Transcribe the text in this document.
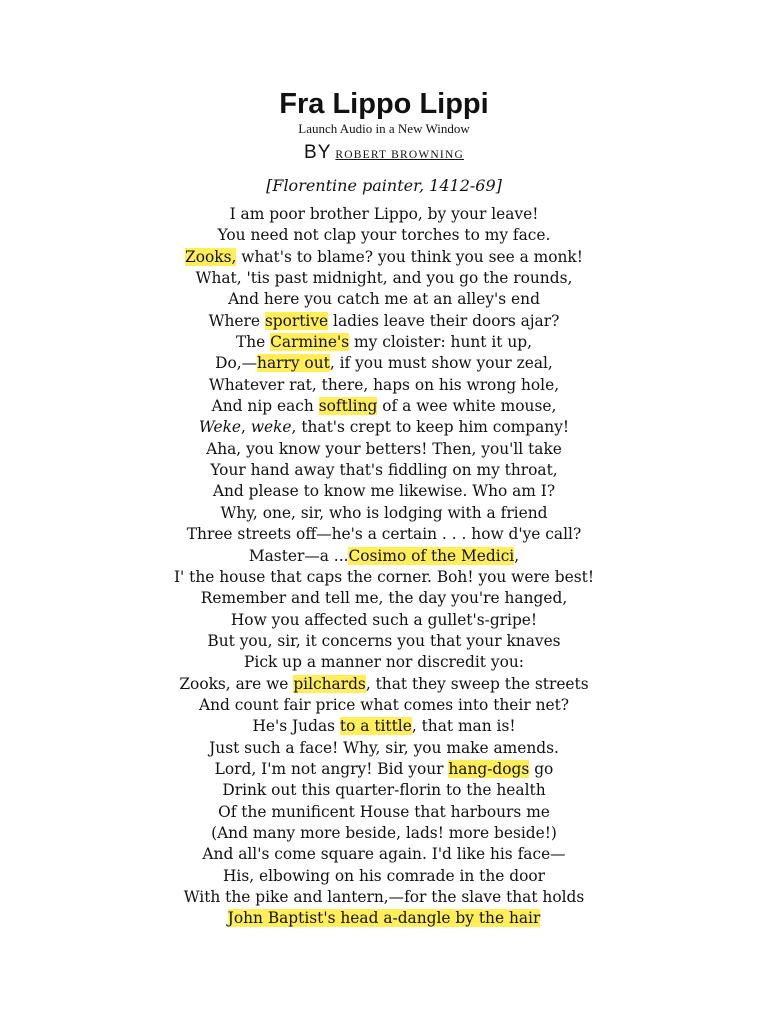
Fra Lippo Lippi
Launch Audio in a New Window
BY ROBERT BROWNING
[Florentine painter, 1412-69]
I am poor brother Lippo, by your leave!
You need not clap your torches to my face.
Zooks, what's to blame? you think you see a monk!
What, 'tis past midnight, and you go the rounds,
And here you catch me at an alley's end
Where sportive ladies leave their doors ajar?
The Carmine's my cloister: hunt it up,
Do,—harry out, if you must show your zeal,
Whatever rat, there, haps on his wrong hole,
And nip each softling of a wee white mouse,
Weke, weke, that's crept to keep him company!
Aha, you know your betters! Then, you'll take
Your hand away that's fiddling on my throat,
And please to know me likewise. Who am I?
Why, one, sir, who is lodging with a friend
Three streets off—he's a certain . . . how d'ye call?
Master—a ...Cosimo of the Medici,
I' the house that caps the corner. Boh! you were best!
Remember and tell me, the day you're hanged,
How you affected such a gullet's-gripe!
But you, sir, it concerns you that your knaves
Pick up a manner nor discredit you:
Zooks, are we pilchards, that they sweep the streets
And count fair price what comes into their net?
He's Judas to a tittle, that man is!
Just such a face! Why, sir, you make amends.
Lord, I'm not angry! Bid your hang-dogs go
Drink out this quarter-florin to the health
Of the munificent House that harbours me
(And many more beside, lads! more beside!)
And all's come square again. I'd like his face—
His, elbowing on his comrade in the door
With the pike and lantern,—for the slave that holds
John Baptist's head a-dangle by the hair
